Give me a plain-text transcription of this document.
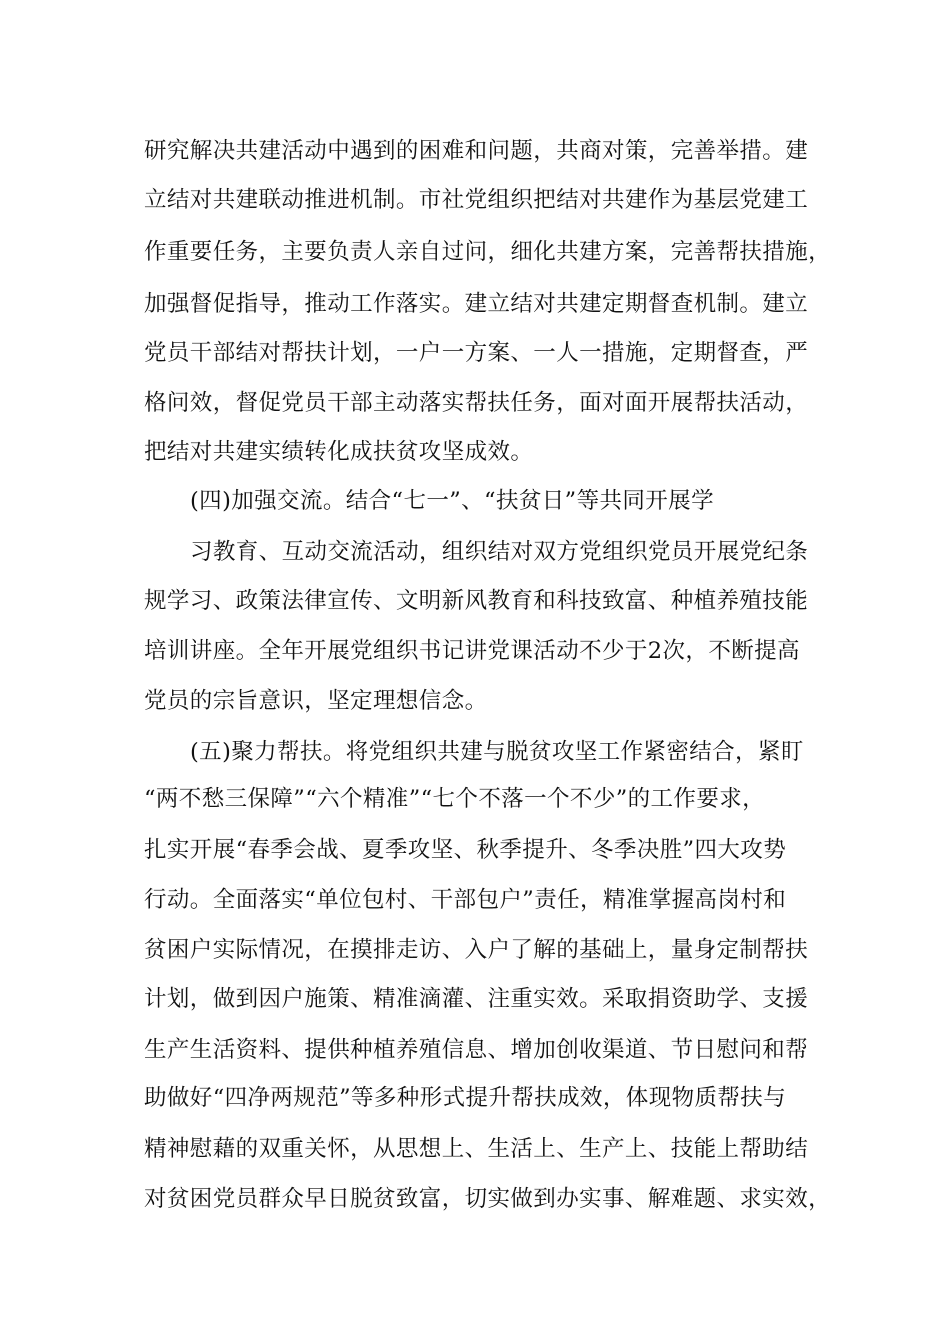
研究解决共建活动中遇到的困难和问题，共商对策，完善举措。建
立结对共建联动推进机制。市社党组织把结对共建作为基层党建工
作重要任务，主要负责人亲自过问，细化共建方案，完善帮扶措施，
加强督促指导，推动工作落实。建立结对共建定期督查机制。建立
党员干部结对帮扶计划，一户一方案、一人一措施，定期督查，严
格问效，督促党员干部主动落实帮扶任务，面对面开展帮扶活动，
把结对共建实绩转化成扶贫攻坚成效。
(四)加强交流。结合“七一”、“扶贫日”等共同开展学
习教育、互动交流活动，组织结对双方党组织党员开展党纪条
规学习、政策法律宣传、文明新风教育和科技致富、种植养殖技能
培训讲座。全年开展党组织书记讲党课活动不少于2次，不断提高
党员的宗旨意识，坚定理想信念。
(五)聚力帮扶。将党组织共建与脱贫攻坚工作紧密结合，紧盯
“两不愁三保障”“六个精准”“七个不落一个不少”的工作要求，
扎实开展“春季会战、夏季攻坚、秋季提升、冬季决胜”四大攻势
行动。全面落实“单位包村、干部包户”责任，精准掌握高岗村和
贫困户实际情况，在摸排走访、入户了解的基础上，量身定制帮扶
计划，做到因户施策、精准滴灌、注重实效。采取捐资助学、支援
生产生活资料、提供种植养殖信息、增加创收渠道、节日慰问和帮
助做好“四净两规范”等多种形式提升帮扶成效，体现物质帮扶与
精神慰藉的双重关怀，从思想上、生活上、生产上、技能上帮助结
对贫困党员群众早日脱贫致富，切实做到办实事、解难题、求实效，
